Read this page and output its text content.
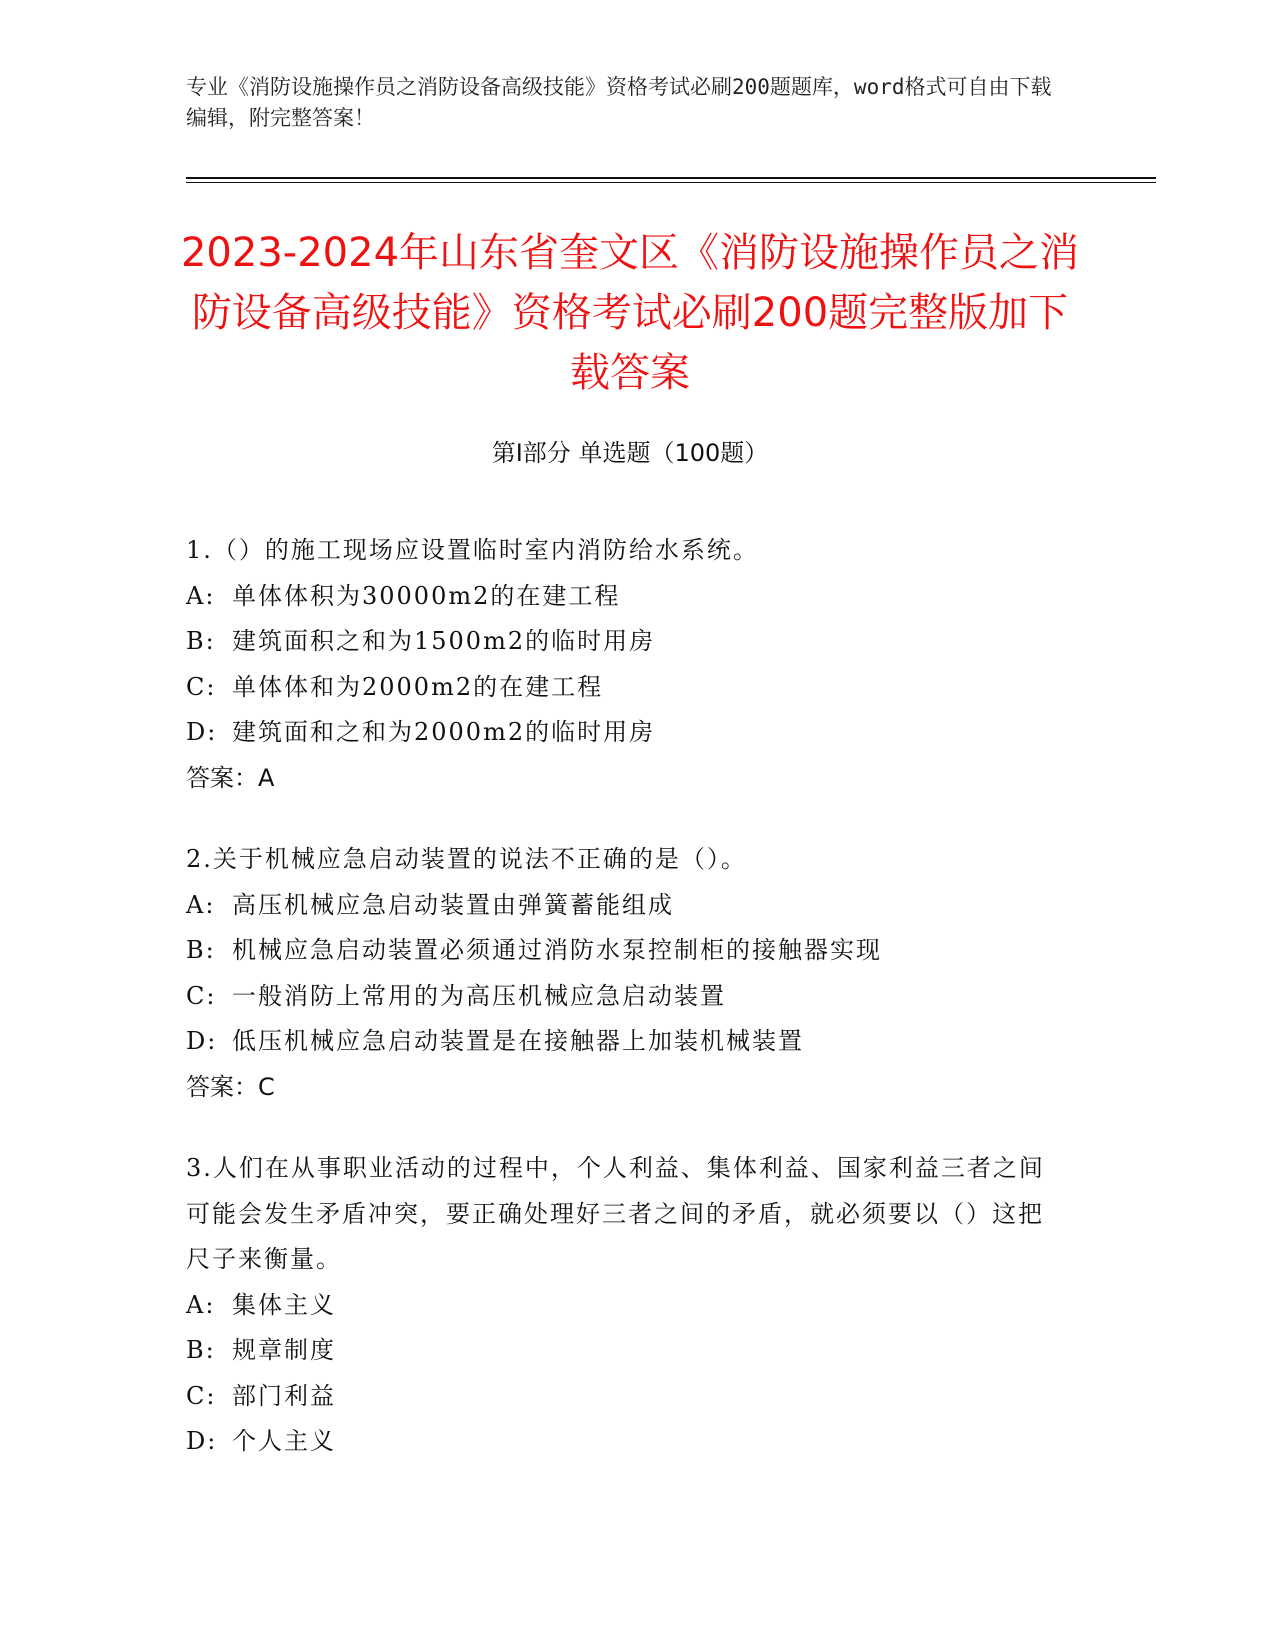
专业《消防设施操作员之消防设备高级技能》资格考试必刷200题题库，word格式可自由下载编辑，附完整答案！
2023-2024年山东省奎文区《消防设施操作员之消防设备高级技能》资格考试必刷200题完整版加下载答案
第Ⅰ部分 单选题（100题）
1.（）的施工现场应设置临时室内消防给水系统。
A: 单体体积为30000m2的在建工程
B: 建筑面积之和为1500m2的临时用房
C: 单体体和为2000m2的在建工程
D: 建筑面和之和为2000m2的临时用房
答案：A
2.关于机械应急启动装置的说法不正确的是（）。
A: 高压机械应急启动装置由弹簧蓄能组成
B: 机械应急启动装置必须通过消防水泵控制柜的接触器实现
C: 一般消防上常用的为高压机械应急启动装置
D: 低压机械应急启动装置是在接触器上加装机械装置
答案：C
3.人们在从事职业活动的过程中，个人利益、集体利益、国家利益三者之间可能会发生矛盾冲突，要正确处理好三者之间的矛盾，就必须要以（）这把尺子来衡量。
A: 集体主义
B: 规章制度
C: 部门利益
D: 个人主义
